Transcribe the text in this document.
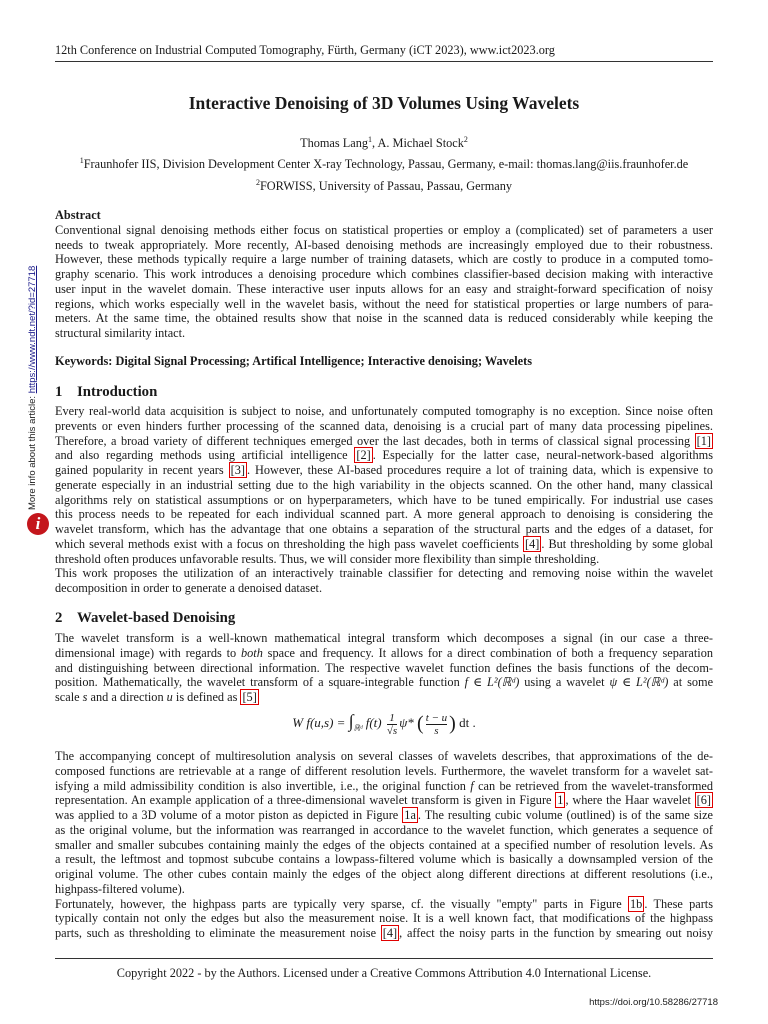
12th Conference on Industrial Computed Tomography, Fürth, Germany (iCT 2023), www.ict2023.org
Interactive Denoising of 3D Volumes Using Wavelets
Thomas Lang$^1$, A. Michael Stock$^2$
$^1$Fraunhofer IIS, Division Development Center X-ray Technology, Passau, Germany, e-mail: thomas.lang@iis.fraunhofer.de
$^2$FORWISS, University of Passau, Passau, Germany
Abstract
Conventional signal denoising methods either focus on statistical properties or employ a (complicated) set of parameters a user
needs to tweak appropriately. More recently, AI-based denoising methods are increasingly employed due to their robustness.
However, these methods typically require a large number of training datasets, which are costly to produce in a computed tomo-
graphy scenario. This work introduces a denoising procedure which combines classifier-based decision making with interactive
user input in the wavelet domain. These interactive user inputs allows for an easy and straight-forward specification of noisy
regions, which works especially well in the wavelet basis, without the need for statistical properties or large numbers of para-
meters. At the same time, the obtained results show that noise in the scanned data is reduced considerably while keeping the
structural similarity intact.
Keywords: Digital Signal Processing; Artifical Intelligence; Interactive denoising; Wavelets
1 Introduction
Every real-world data acquisition is subject to noise, and unfortunately computed tomography is no exception. Since noise often
prevents or even hinders further processing of the scanned data, denoising is a crucial part of many data processing pipelines.
Therefore, a broad variety of different techniques emerged over the last decades, both in terms of classical signal processing [1]
and also regarding methods using artificial intelligence [2] . Especially for the latter case, neural-network-based algorithms
gained popularity in recent years [3] . However, these AI-based procedures require a lot of training data, which is expensive to
generate especially in an industrial setting due to the high variability in the objects scanned. On the other hand, many classical
algorithms rely on statistical assumptions or on hyperparameters, which have to be tuned empirically. For industrial use cases
this process needs to be repeated for each individual scanned part. A more general approach to denoising is considering the
wavelet transform, which has the advantage that one obtains a separation of the structural parts and the edges of a dataset, for
which several methods exist with a focus on thresholding the high pass wavelet coefficients [4] . But thresholding by some global
threshold often produces unfavorable results. Thus, we will consider more flexibility than simple thresholding.
This work proposes the utilization of an interactively trainable classifier for detecting and removing noise within the wavelet
decomposition in order to generate a denoised dataset.
2 Wavelet-based Denoising
The wavelet transform is a well-known mathematical integral transform which decomposes a signal (in our case a three-
dimensional image) with regards to both space and frequency. It allows for a direct combination of both a frequency separation
and distinguishing between directional information. The respective wavelet function defines the basis functions of the decom-
position. Mathematically, the wavelet transform of a square-integrable function f ∈ L²(ℝᵈ) using a wavelet ψ ∈ L²(ℝᵈ) at some
scale s and a direction u is defined as [5]
W $f(u,s) = \int_{ℝᵈ}$ $f(t) \frac{1}{√s} \psi*$ ( $\frac{t - u}{s}$ ) dt .
The accompanying concept of multiresolution analysis on several classes of wavelets describes, that approximations of the de-
composed functions are retrievable at a range of different resolution levels. Furthermore, the wavelet transform for a wavelet sat-
isfying a mild admissibility condition is also invertible, i.e., the original function f can be retrieved from the wavelet-transformed
representation. An example application of a three-dimensional wavelet transform is given in Figure 1 , where the Haar wavelet [6]
was applied to a 3D volume of a motor piston as depicted in Figure 1a . The resulting cubic volume (outlined) is of the same size
as the original volume, but the information was rearranged in accordance to the wavelet function, which generates a sequence of
smaller and smaller subcubes containing mainly the edges of the objects contained at a specified number of resolution levels. As
a result, the leftmost and topmost subcube contains a lowpass-filtered volume which is basically a downsampled version of the
original volume. The other cubes contain mainly the edges of the object along different directions at different resolutions (i.e.,
highpass-filtered volume).
Fortunately, however, the highpass parts are typically very sparse, cf. the visually "empty" parts in Figure 1b . These parts
typically contain not only the edges but also the measurement noise. It is a well known fact, that modifications of the highpass
parts, such as thresholding to eliminate the measurement noise [4] , affect the noisy parts in the function by smearing out noisy
Copyright 2022 - by the Authors. Licensed under a Creative Commons Attribution 4.0 International License.
https://doi.org/10.58286/27718
More info about this article: https://www.ndt.net/?id=27718
i
